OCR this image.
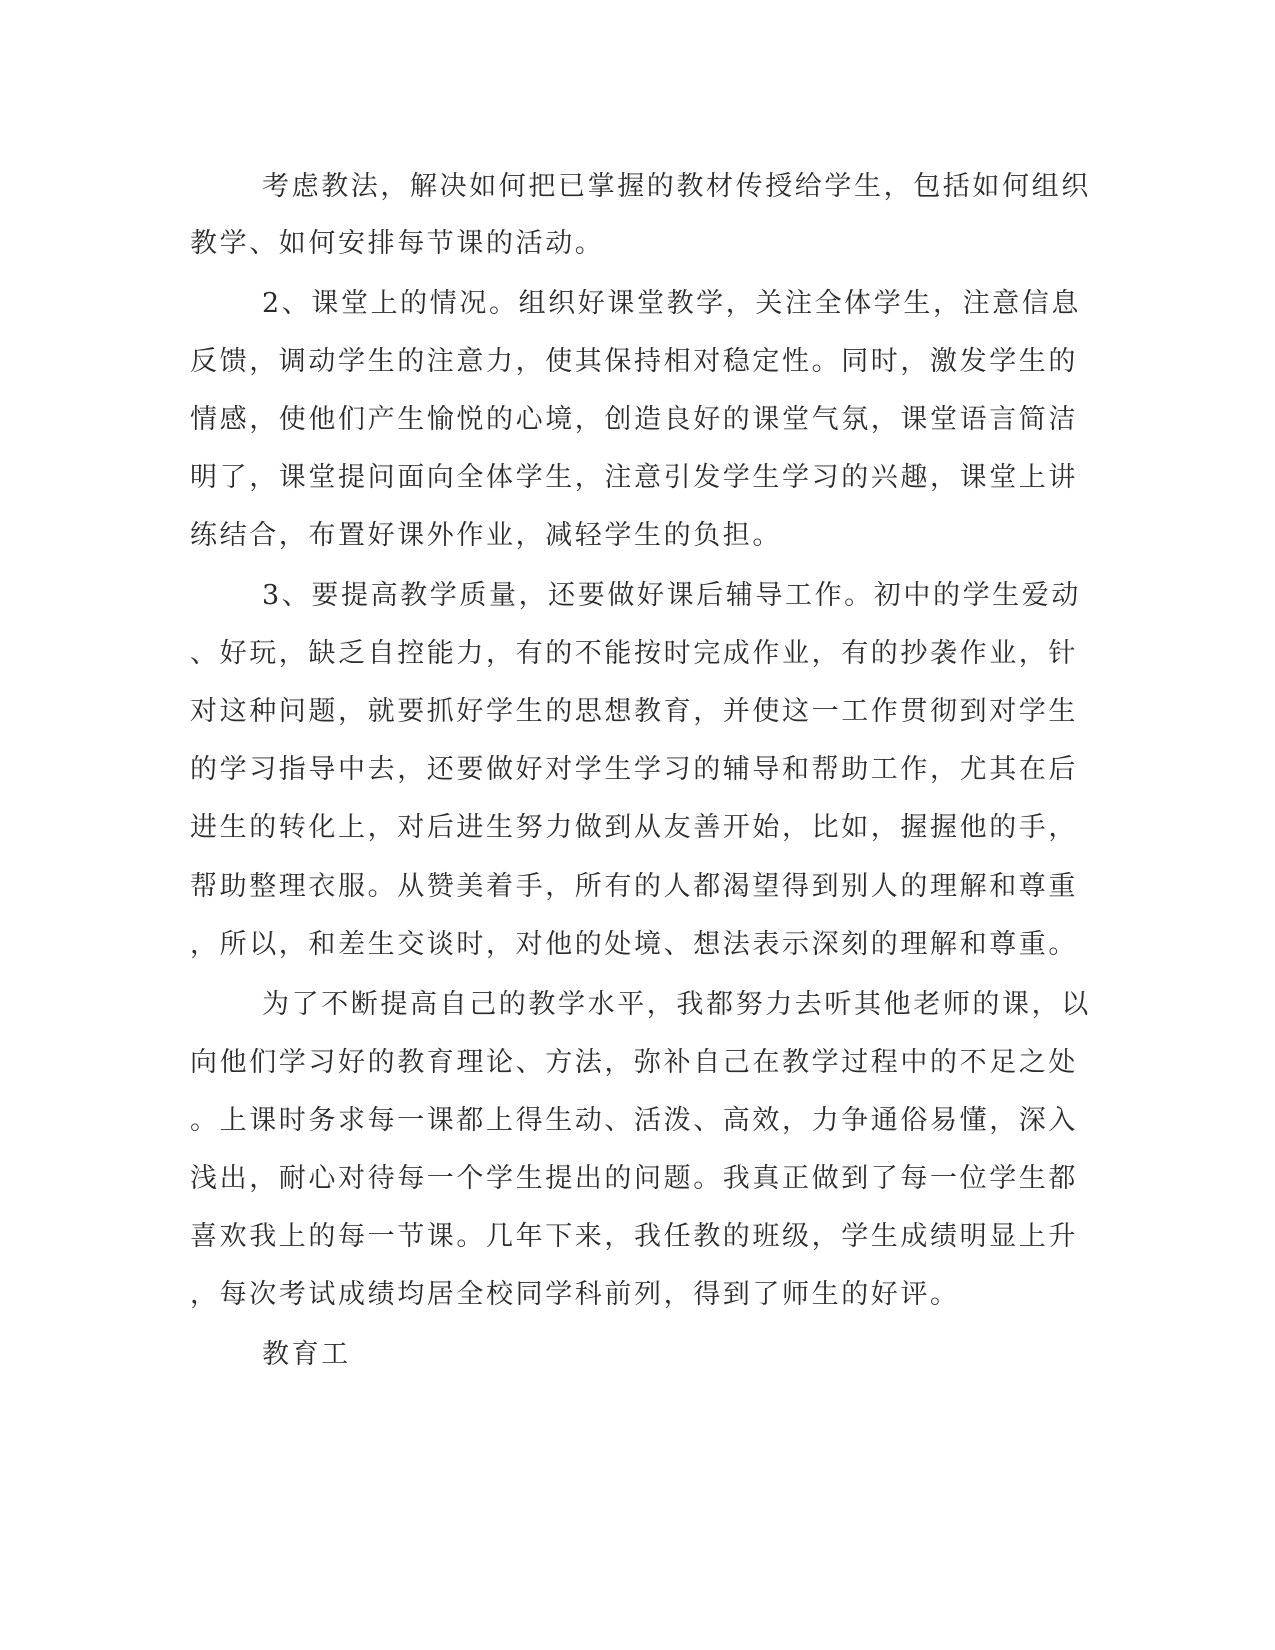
考虑教法，解决如何把已掌握的教材传授给学生，包括如何组织
教学、如何安排每节课的活动。
2、课堂上的情况。组织好课堂教学，关注全体学生，注意信息
反馈，调动学生的注意力，使其保持相对稳定性。同时，激发学生的
情感，使他们产生愉悦的心境，创造良好的课堂气氛，课堂语言简洁
明了，课堂提问面向全体学生，注意引发学生学习的兴趣，课堂上讲
练结合，布置好课外作业，减轻学生的负担。
3、要提高教学质量，还要做好课后辅导工作。初中的学生爱动
、好玩，缺乏自控能力，有的不能按时完成作业，有的抄袭作业，针
对这种问题，就要抓好学生的思想教育，并使这一工作贯彻到对学生
的学习指导中去，还要做好对学生学习的辅导和帮助工作，尤其在后
进生的转化上，对后进生努力做到从友善开始，比如，握握他的手，
帮助整理衣服。从赞美着手，所有的人都渴望得到别人的理解和尊重
，所以，和差生交谈时，对他的处境、想法表示深刻的理解和尊重。
为了不断提高自己的教学水平，我都努力去听其他老师的课，以
向他们学习好的教育理论、方法，弥补自己在教学过程中的不足之处
。上课时务求每一课都上得生动、活泼、高效，力争通俗易懂，深入
浅出，耐心对待每一个学生提出的问题。我真正做到了每一位学生都
喜欢我上的每一节课。几年下来，我任教的班级，学生成绩明显上升
，每次考试成绩均居全校同学科前列，得到了师生的好评。
教育工
